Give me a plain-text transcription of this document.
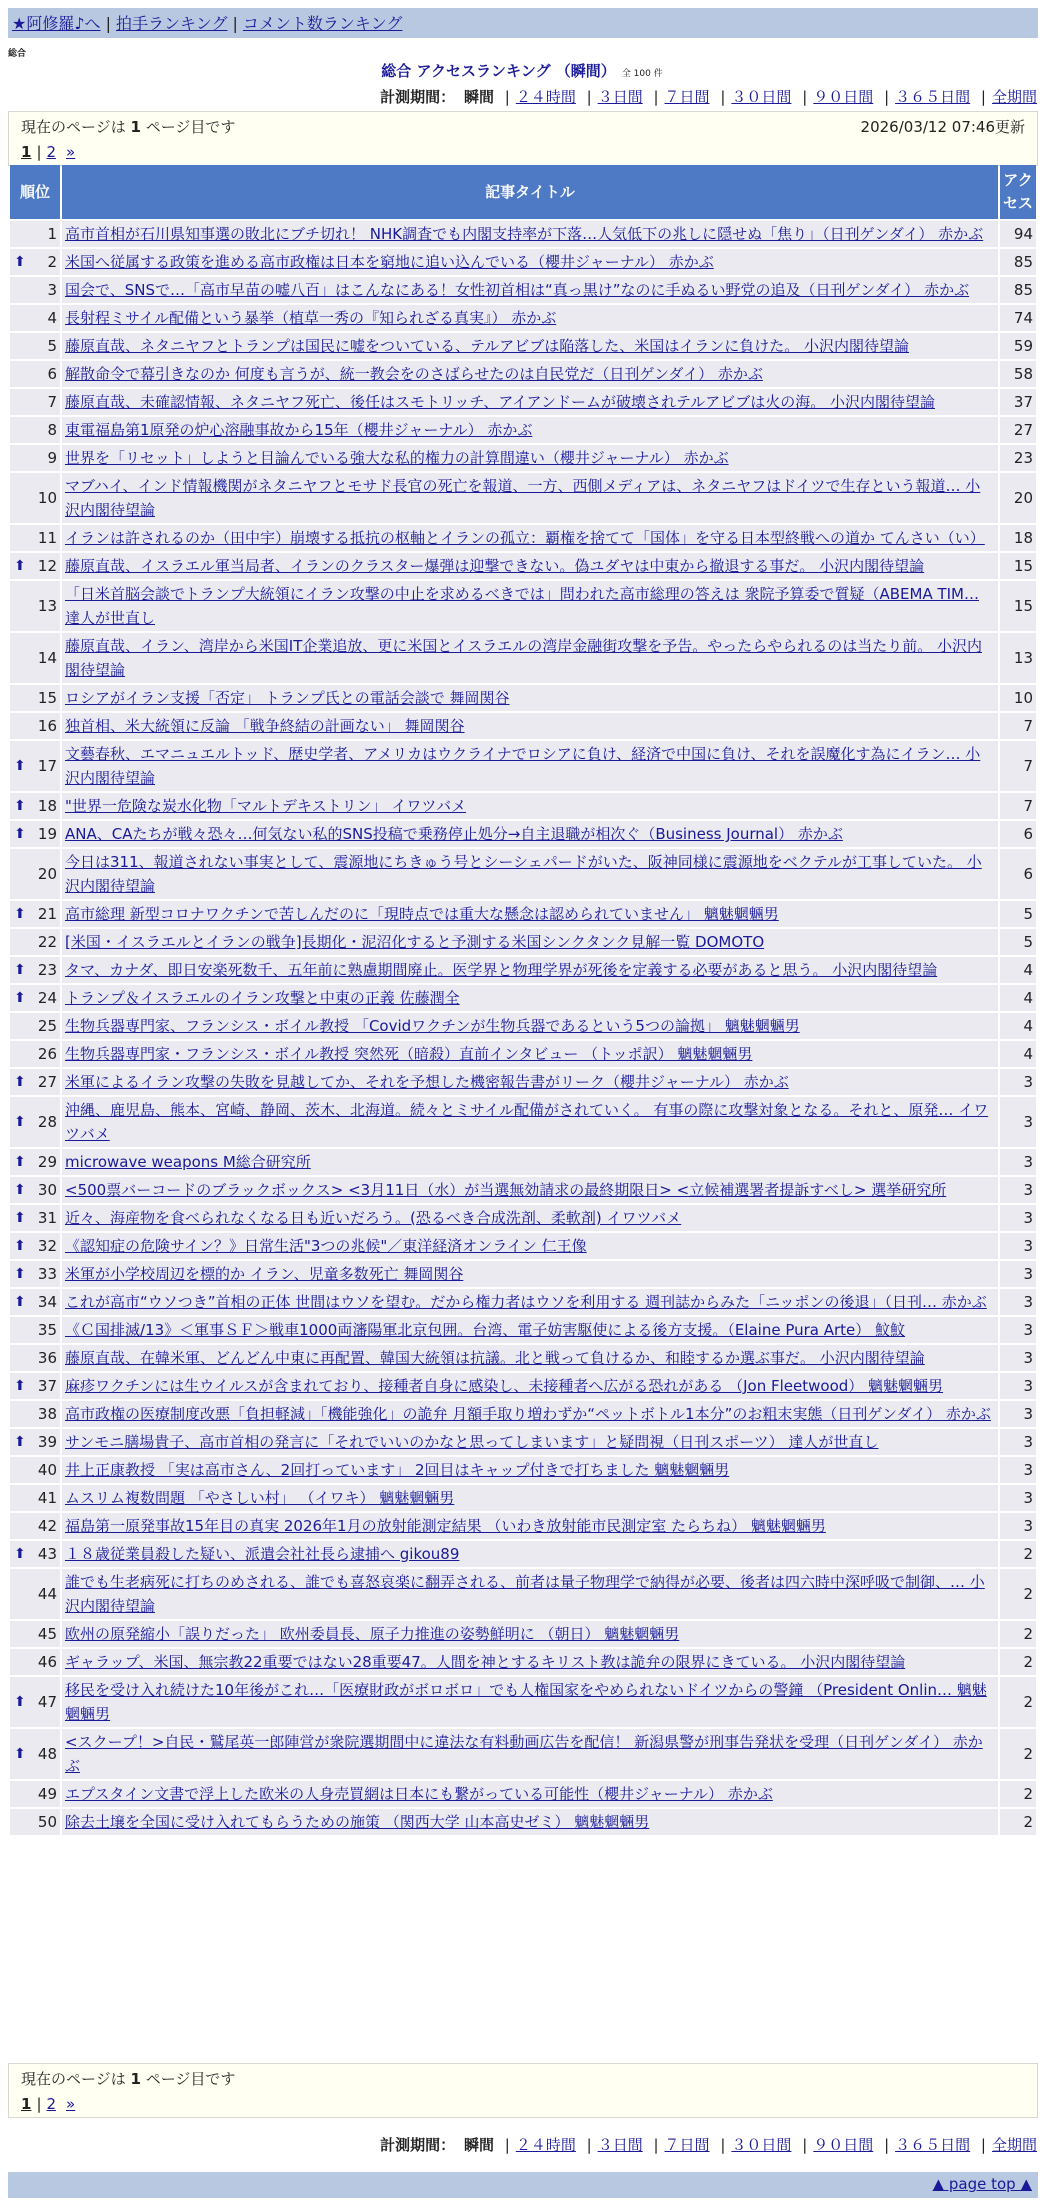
★阿修羅♪へ | 拍手ランキング | コメント数ランキング
総合
総合 アクセスランキング （瞬間） 全 100 件
計測期間： 瞬間 | ２４時間 | ３日間 | ７日間 | ３０日間 | ９０日間 | ３６５日間 | 全期間
現在のページは 1 ページ目です	2026/03/12 07:46更新
1 | 2 »
順位	記事タイトル	アクセス
1	高市首相が石川県知事選の敗北にブチ切れ！ NHK調査でも内閣支持率が下落…人気低下の兆しに隠せぬ「焦り」（日刊ゲンダイ） 赤かぶ	94

⬆ 2	米国へ従属する政策を進める高市政権は日本を窮地に追い込んでいる（櫻井ジャーナル） 赤かぶ	85
3	国会で、SNSで…「高市早苗の嘘八百」はこんなにある！女性初首相は“真っ黒け”なのに手ぬるい野党の追及（日刊ゲンダイ） 赤かぶ	85
4	長射程ミサイル配備という暴挙（植草一秀の『知られざる真実』） 赤かぶ	74
5	藤原直哉、ネタニヤフとトランプは国民に嘘をついている、テルアビブは陥落した、米国はイランに負けた。 小沢内閣待望論	59
6	解散命令で幕引きなのか 何度も言うが、統一教会をのさばらせたのは自民党だ（日刊ゲンダイ） 赤かぶ	58
7	藤原直哉、未確認情報、ネタニヤフ死亡、後任はスモトリッチ、アイアンドームが破壊されテルアビブは火の海。 小沢内閣待望論	37
8	東電福島第1原発の炉心溶融事故から15年（櫻井ジャーナル） 赤かぶ	27
9	世界を「リセット」しようと目論んでいる強大な私的権力の計算間違い（櫻井ジャーナル） 赤かぶ	23
10	マブハイ、インド情報機関がネタニヤフとモサド長官の死亡を報道、一方、西側メディアは、ネタニヤフはドイツで生存という報道… 小沢内閣待望論	20
11	イランは許されるのか（田中宇）崩壊する抵抗の枢軸とイランの孤立：覇権を捨てて「国体」を守る日本型終戦への道か てんさい（い）	18

⬆ 12	藤原直哉、イスラエル軍当局者、イランのクラスター爆弾は迎撃できない。偽ユダヤは中東から撤退する事だ。 小沢内閣待望論	15
13	「日米首脳会談でトランプ大統領にイラン攻撃の中止を求めるべきでは」問われた高市総理の答えは 衆院予算委で質疑（ABEMA TIM… 達人が世直し	15
14	藤原直哉、イラン、湾岸から米国IT企業追放、更に米国とイスラエルの湾岸金融街攻撃を予告。やったらやられるのは当たり前。 小沢内閣待望論	13
15	ロシアがイラン支援「否定」 トランプ氏との電話会談で 舞岡関谷	10
16	独首相、米大統領に反論 「戦争終結の計画ない」 舞岡関谷	7

⬆ 17	文藝春秋、エマニュエルトッド、歴史学者、アメリカはウクライナでロシアに負け、経済で中国に負け、それを誤魔化す為にイラン… 小沢内閣待望論	7

⬆ 18	"世界一危険な炭水化物「マルトデキストリン」 イワツバメ	7

⬆ 19	ANA、CAたちが戦々恐々…何気ない私的SNS投稿で乗務停止処分→自主退職が相次ぐ（Business Journal） 赤かぶ	6
20	今日は311、報道されない事実として、震源地にちきゅう号とシーシェパードがいた、阪神同様に震源地をベクテルが工事していた。 小沢内閣待望論	6

⬆ 21	高市総理 新型コロナワクチンで苦しんだのに「現時点では重大な懸念は認められていません」 魑魅魍魎男	5
22	[米国・イスラエルとイランの戦争]長期化・泥沼化すると予測する米国シンクタンク見解一覧 DOMOTO	5

⬆ 23	タマ、カナダ、即日安楽死数千、五年前に熟慮期間廃止。医学界と物理学界が死後を定義する必要があると思う。 小沢内閣待望論	4

⬆ 24	トランプ＆イスラエルのイラン攻撃と中東の正義 佐藤潤全	4
25	生物兵器専門家、フランシス・ボイル教授 「Covidワクチンが生物兵器であるという5つの論拠」 魑魅魍魎男	4
26	生物兵器専門家・フランシス・ボイル教授 突然死（暗殺）直前インタビュー （トッポ訳） 魑魅魍魎男	4

⬆ 27	米軍によるイラン攻撃の失敗を見越してか、それを予想した機密報告書がリーク（櫻井ジャーナル） 赤かぶ	3

⬆ 28	沖縄、鹿児島、熊本、宮崎、静岡、茨木、北海道。続々とミサイル配備がされていく。 有事の際に攻撃対象となる。それと、原発… イワツバメ	3

⬆ 29	microwave weapons M総合研究所	3

⬆ 30	<500票バーコードのブラックボックス> <3月11日（水）が当選無効請求の最終期限日> <立候補選署者提訴すべし> 選挙研究所	3

⬆ 31	近々、海産物を食べられなくなる日も近いだろう。(恐るべき合成洗剤、柔軟剤) イワツバメ	3

⬆ 32	《認知症の危険サイン？》日常生活"3つの兆候"／東洋経済オンライン 仁王像	3

⬆ 33	米軍が小学校周辺を標的か イラン、児童多数死亡 舞岡関谷	3

⬆ 34	これが高市“ウソつき”首相の正体 世間はウソを望む。だから権力者はウソを利用する 週刊誌からみた「ニッポンの後退」（日刊… 赤かぶ	3
35	《Ｃ国排滅/13》＜軍事ＳＦ＞戦車1000両瀋陽軍北京包囲。台湾、電子妨害駆使による後方支援。（Elaine Pura Arte） 魰魰	3
36	藤原直哉、在韓米軍、どんどん中東に再配置、韓国大統領は抗議。北と戦って負けるか、和睦するか選ぶ事だ。 小沢内閣待望論	3

⬆ 37	麻疹ワクチンには生ウイルスが含まれており、接種者自身に感染し、未接種者へ広がる恐れがある （Jon Fleetwood） 魑魅魍魎男	3
38	高市政権の医療制度改悪「負担軽減」「機能強化」の詭弁 月額手取り増わずか“ペットボトル1本分”のお粗末実態（日刊ゲンダイ） 赤かぶ	3

⬆ 39	サンモニ膳場貴子、高市首相の発言に「それでいいのかなと思ってしまいます」と疑問視（日刊スポーツ） 達人が世直し	3
40	井上正康教授 「実は高市さん、2回打っています」 2回目はキャップ付きで打ちました 魑魅魍魎男	3
41	ムスリム複数問題 「やさしい村」 （イワキ） 魑魅魍魎男	3
42	福島第一原発事故15年目の真実 2026年1月の放射能測定結果 （いわき放射能市民測定室 たらちね） 魑魅魍魎男	3

⬆ 43	１８歳従業員殺した疑い、派遣会社社長ら逮捕へ gikou89	2
44	誰でも生老病死に打ちのめされる、誰でも喜怒哀楽に翻弄される、前者は量子物理学で納得が必要、後者は四六時中深呼吸で制御、… 小沢内閣待望論	2
45	欧州の原発縮小「誤りだった」 欧州委員長、原子力推進の姿勢鮮明に （朝日） 魑魅魍魎男	2
46	ギャラップ、米国、無宗教22重要ではない28重要47。人間を神とするキリスト教は詭弁の限界にきている。 小沢内閣待望論	2

⬆ 47	移民を受け入れ続けた10年後がこれ…「医療財政がボロボロ」でも人権国家をやめられないドイツからの警鐘 （President Onlin… 魑魅魍魎男	2

⬆ 48	<スクープ！>自民・鷲尾英一郎陣営が衆院選期間中に違法な有料動画広告を配信！ 新潟県警が刑事告発状を受理（日刊ゲンダイ） 赤かぶ	2
49	エプスタイン文書で浮上した欧米の人身売買網は日本にも繋がっている可能性（櫻井ジャーナル） 赤かぶ	2
50	除去土壌を全国に受け入れてもらうための施策 （関西大学 山本高史ゼミ） 魑魅魍魎男	2
現在のページは 1 ページ目です
1 | 2 »
計測期間： 瞬間 | ２４時間 | ３日間 | ７日間 | ３０日間 | ９０日間 | ３６５日間 | 全期間
▲ page top ▲
